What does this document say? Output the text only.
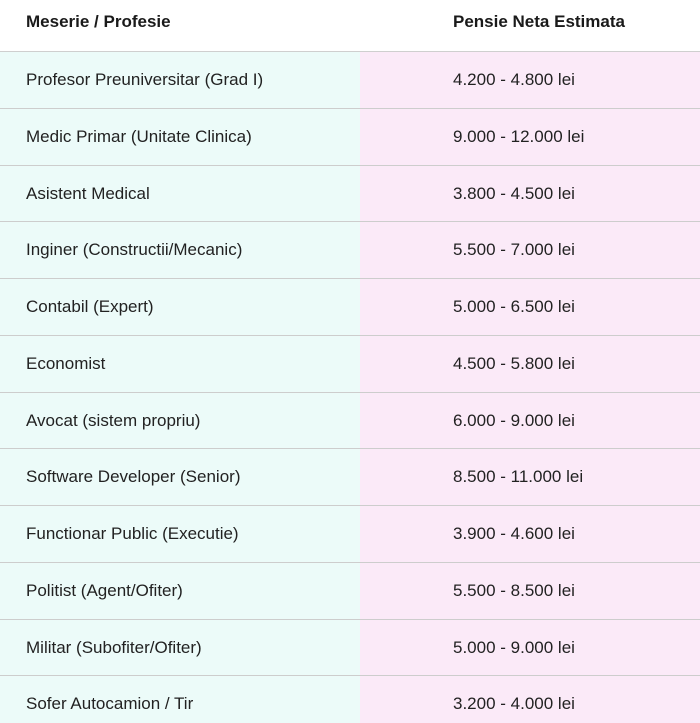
Meserie / Profesie	Pensie Neta Estimata
Profesor Preuniversitar (Grad I)	4.200 - 4.800 lei
Medic Primar (Unitate Clinica)	9.000 - 12.000 lei
Asistent Medical	3.800 - 4.500 lei
Inginer (Constructii/Mecanic)	5.500 - 7.000 lei
Contabil (Expert)	5.000 - 6.500 lei
Economist	4.500 - 5.800 lei
Avocat (sistem propriu)	6.000 - 9.000 lei
Software Developer (Senior)	8.500 - 11.000 lei
Functionar Public (Executie)	3.900 - 4.600 lei
Politist (Agent/Ofiter)	5.500 - 8.500 lei
Militar (Subofiter/Ofiter)	5.000 - 9.000 lei
Sofer Autocamion / Tir	3.200 - 4.000 lei
